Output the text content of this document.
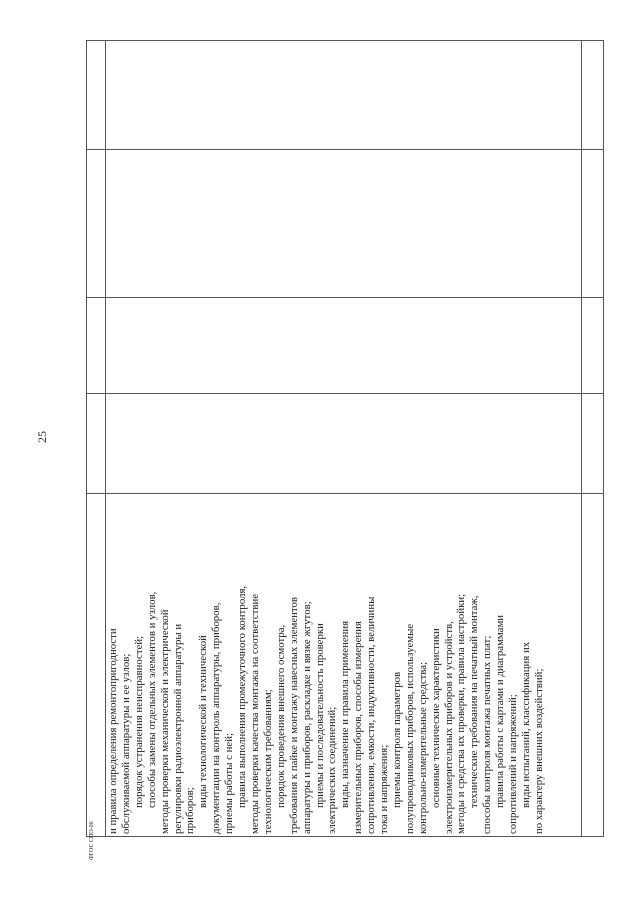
25

и правила определения ремонтопригодности обслуживаемой аппаратуры и ее узлов; порядок устранения неисправностей; способы замены отдельных элементов и узлов, методы проверки механической и электрической регулировки радиоэлектронной аппаратуры и приборов;

виды технологической и технической документации на контроль аппаратуры, приборов, приемы работы с ней; правила выполнения промежуточного контроля, методы проверки качества монтажа на соответствие технологическим требованиям; порядок проведения внешнего осмотра, требования к пайке и монтажу навесных элементов аппаратуры и приборов, раскладке и вязке жгутов; приемы и последовательность проверки электрических соединений; виды, назначение и правила применения измерительных приборов, способы измерения сопротивления, емкости, индуктивности, величины тока и напряжения; приемы контроля параметров полупроводниковых приборов, используемые контрольно-измерительные средства; основные технические характеристики электроизмерительных приборов и устройств, методы и средства их проверки, правила настройки; технические требования на печатный монтаж, способы контроля монтажа печатных плат; правила работы с картами и диаграммами сопротивлений и напряжений; виды испытаний, классификация их по характеру внешних воздействий;

ФГОС СПО-06
